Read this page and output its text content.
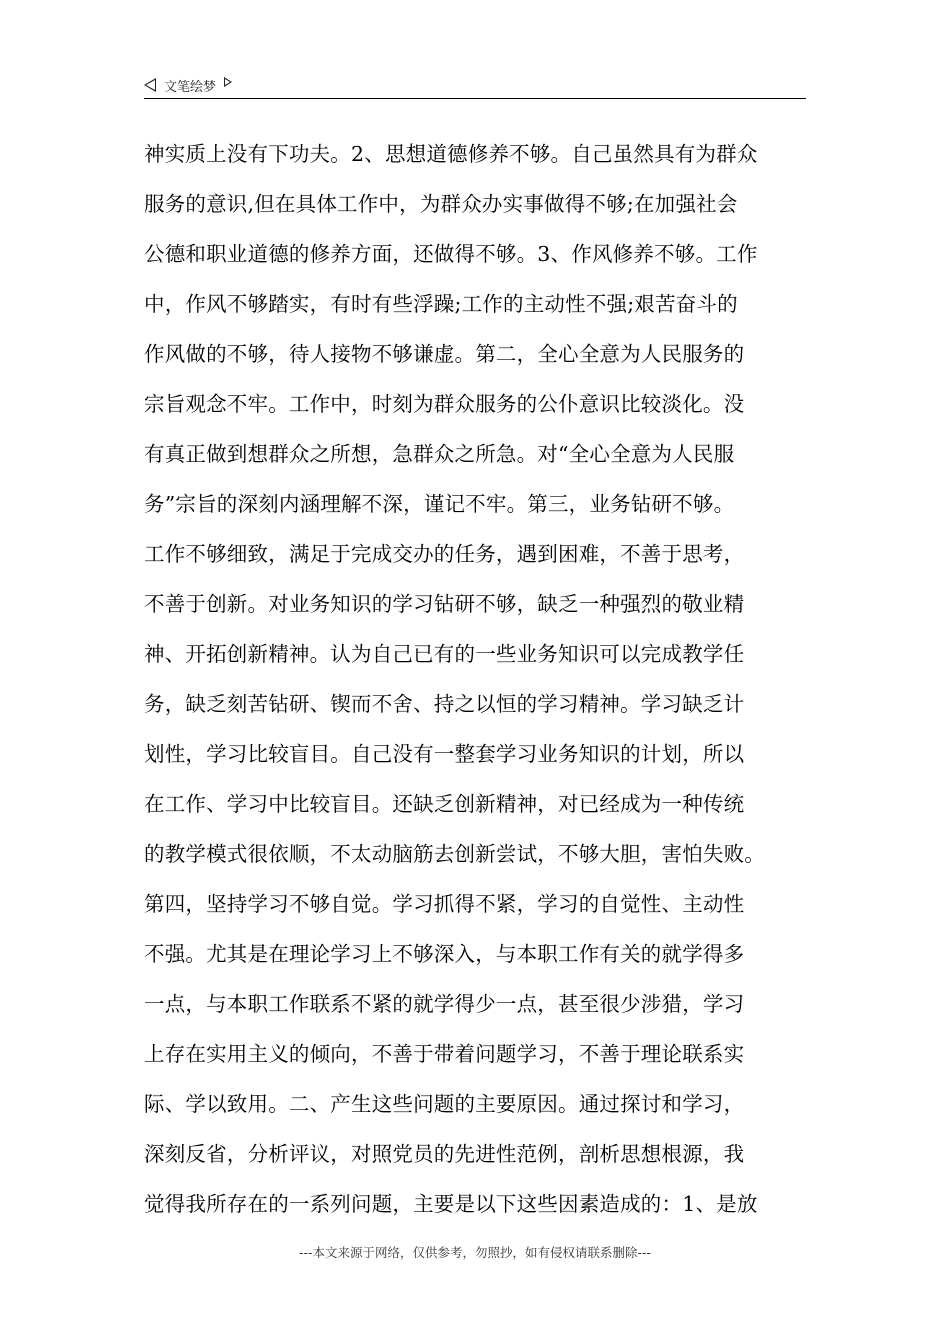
文笔绘梦
神实质上没有下功夫。2、思想道德修养不够。自己虽然具有为群众
服务的意识,但在具体工作中，为群众办实事做得不够;在加强社会
公德和职业道德的修养方面，还做得不够。3、作风修养不够。工作
中，作风不够踏实，有时有些浮躁;工作的主动性不强;艰苦奋斗的
作风做的不够，待人接物不够谦虚。第二，全心全意为人民服务的
宗旨观念不牢。工作中，时刻为群众服务的公仆意识比较淡化。没
有真正做到想群众之所想，急群众之所急。对“全心全意为人民服
务”宗旨的深刻内涵理解不深，谨记不牢。第三，业务钻研不够。
工作不够细致，满足于完成交办的任务，遇到困难，不善于思考，
不善于创新。对业务知识的学习钻研不够，缺乏一种强烈的敬业精
神、开拓创新精神。认为自己已有的一些业务知识可以完成教学任
务，缺乏刻苦钻研、锲而不舍、持之以恒的学习精神。学习缺乏计
划性，学习比较盲目。自己没有一整套学习业务知识的计划，所以
在工作、学习中比较盲目。还缺乏创新精神，对已经成为一种传统
的教学模式很依顺，不太动脑筋去创新尝试，不够大胆，害怕失败。
第四，坚持学习不够自觉。学习抓得不紧，学习的自觉性、主动性
不强。尤其是在理论学习上不够深入，与本职工作有关的就学得多
一点，与本职工作联系不紧的就学得少一点，甚至很少涉猎，学习
上存在实用主义的倾向，不善于带着问题学习，不善于理论联系实
际、学以致用。二、产生这些问题的主要原因。通过探讨和学习，
深刻反省，分析评议，对照党员的先进性范例，剖析思想根源，我
觉得我所存在的一系列问题，主要是以下这些因素造成的：1、是放
---本文来源于网络，仅供参考，勿照抄，如有侵权请联系删除---
